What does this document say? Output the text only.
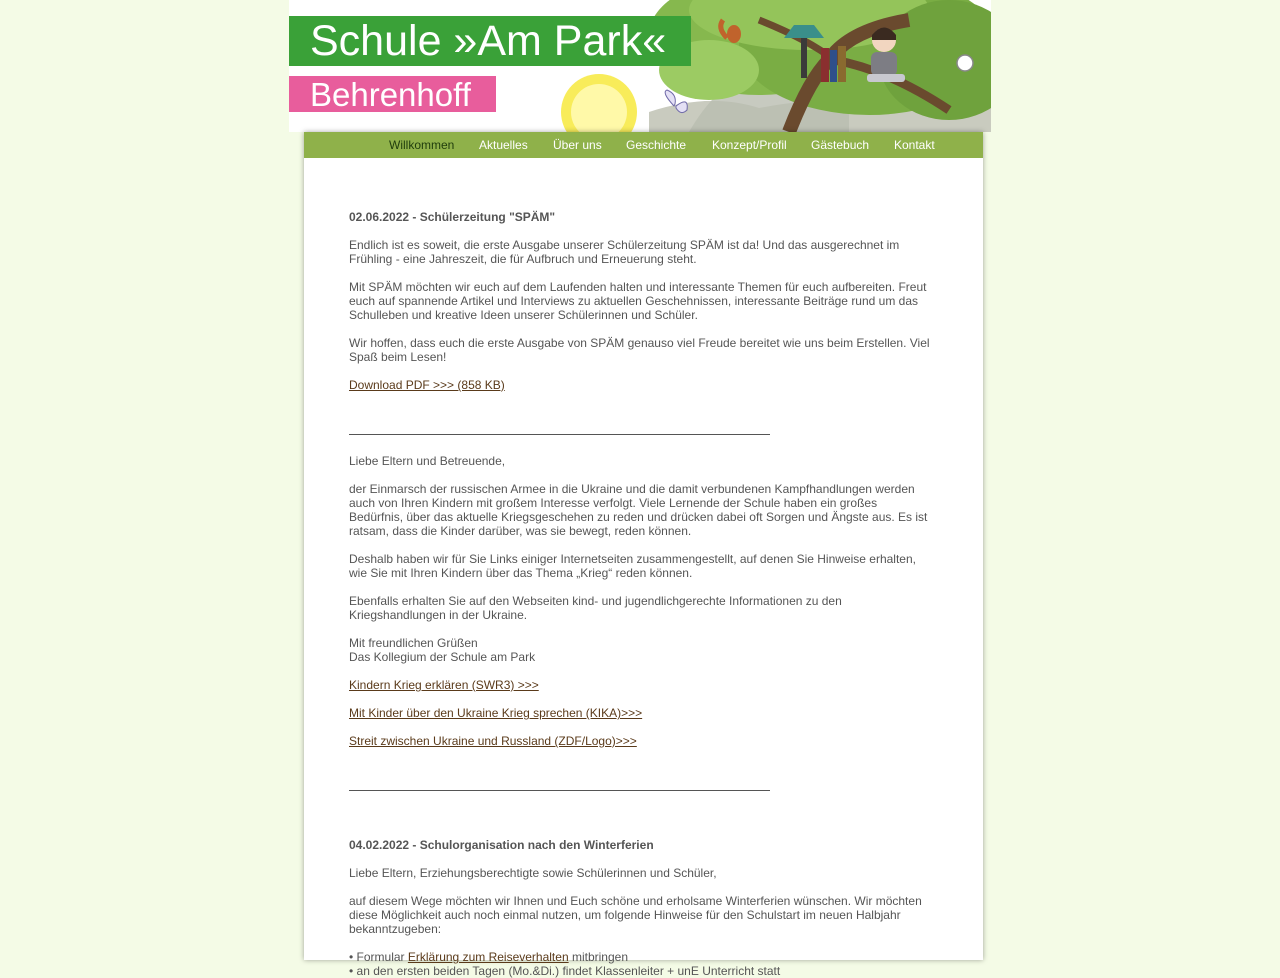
Schule »Am Park«
Behrenhoff
Willkommen Aktuelles Über uns Geschichte Konzept/Profil Gästebuch Kontakt

02.06.2022 - Schülerzeitung "SPÄM"

Endlich ist es soweit, die erste Ausgabe unserer Schülerzeitung SPÄM ist da! Und das ausgerechnet im Frühling - eine Jahreszeit, die für Aufbruch und Erneuerung steht.

Mit SPÄM möchten wir euch auf dem Laufenden halten und interessante Themen für euch aufbereiten. Freut euch auf spannende Artikel und Interviews zu aktuellen Geschehnissen, interessante Beiträge rund um das Schulleben und kreative Ideen unserer Schülerinnen und Schüler.

Wir hoffen, dass euch die erste Ausgabe von SPÄM genauso viel Freude bereitet wie uns beim Erstellen. Viel Spaß beim Lesen!

Download PDF >>> (858 KB)

Liebe Eltern und Betreuende,

der Einmarsch der russischen Armee in die Ukraine und die damit verbundenen Kampfhandlungen werden auch von Ihren Kindern mit großem Interesse verfolgt. Viele Lernende der Schule haben ein großes Bedürfnis, über das aktuelle Kriegsgeschehen zu reden und drücken dabei oft Sorgen und Ängste aus. Es ist ratsam, dass die Kinder darüber, was sie bewegt, reden können.

Deshalb haben wir für Sie Links einiger Internetseiten zusammengestellt, auf denen Sie Hinweise erhalten, wie Sie mit Ihren Kindern über das Thema „Krieg“ reden können.

Ebenfalls erhalten Sie auf den Webseiten kind- und jugendlichgerechte Informationen zu den Kriegshandlungen in der Ukraine.

Mit freundlichen Grüßen

Das Kollegium der Schule am Park

Kindern Krieg erklären (SWR3) >>>

Mit Kinder über den Ukraine Krieg sprechen (KIKA)>>>

Streit zwischen Ukraine und Russland (ZDF/Logo)>>>

04.02.2022 - Schulorganisation nach den Winterferien

Liebe Eltern, Erziehungsberechtigte sowie Schülerinnen und Schüler,

auf diesem Wege möchten wir Ihnen und Euch schöne und erholsame Winterferien wünschen. Wir möchten diese Möglichkeit auch noch einmal nutzen, um folgende Hinweise für den Schulstart im neuen Halbjahr bekanntzugeben:

• Formular Erklärung zum Reiseverhalten mitbringen
• an den ersten beiden Tagen (Mo.&Di.) findet Klassenleiter + unE Unterricht statt
